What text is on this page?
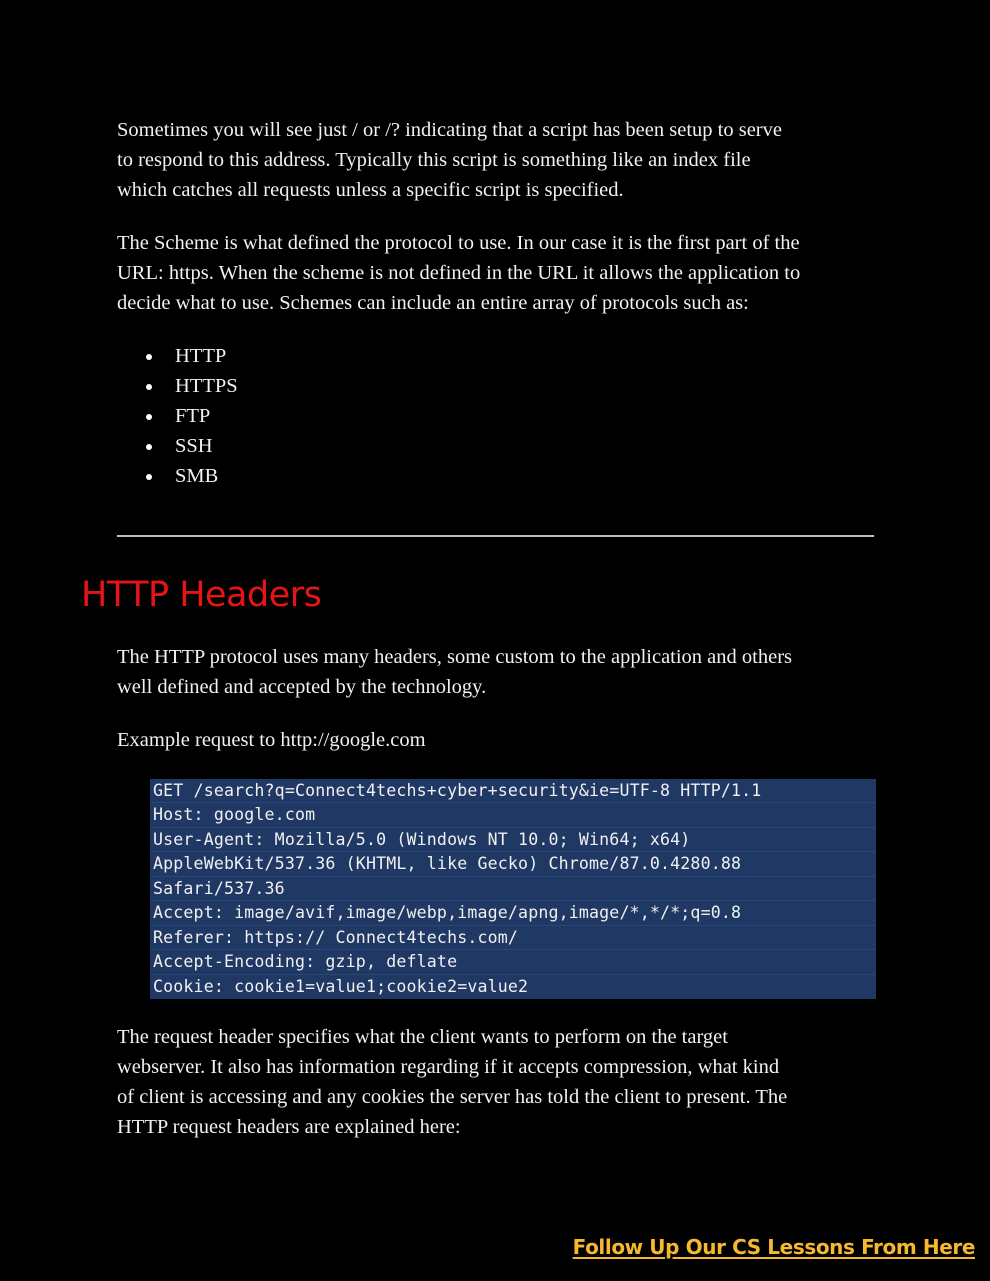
Sometimes you will see just / or /? indicating that a script has been setup to serve
to respond to this address. Typically this script is something like an index file
which catches all requests unless a specific script is specified.

The Scheme is what defined the protocol to use. In our case it is the first part of the
URL: https. When the scheme is not defined in the URL it allows the application to
decide what to use. Schemes can include an entire array of protocols such as:

HTTP
HTTPS
FTP
SSH
SMB
HTTP Headers

The HTTP protocol uses many headers, some custom to the application and others
well defined and accepted by the technology.

Example request to http://google.com

GET /search?q=Connect4techs+cyber+security&ie=UTF-8 HTTP/1.1
Host: google.com
User-Agent: Mozilla/5.0 (Windows NT 10.0; Win64; x64)
AppleWebKit/537.36 (KHTML, like Gecko) Chrome/87.0.4280.88
Safari/537.36
Accept: image/avif,image/webp,image/apng,image/*,*/*;q=0.8
Referer: https:// Connect4techs.com/
Accept-Encoding: gzip, deflate
Cookie: cookie1=value1;cookie2=value2

The request header specifies what the client wants to perform on the target
webserver. It also has information regarding if it accepts compression, what kind
of client is accessing and any cookies the server has told the client to present. The
HTTP request headers are explained here:

Follow Up Our CS Lessons From Here
